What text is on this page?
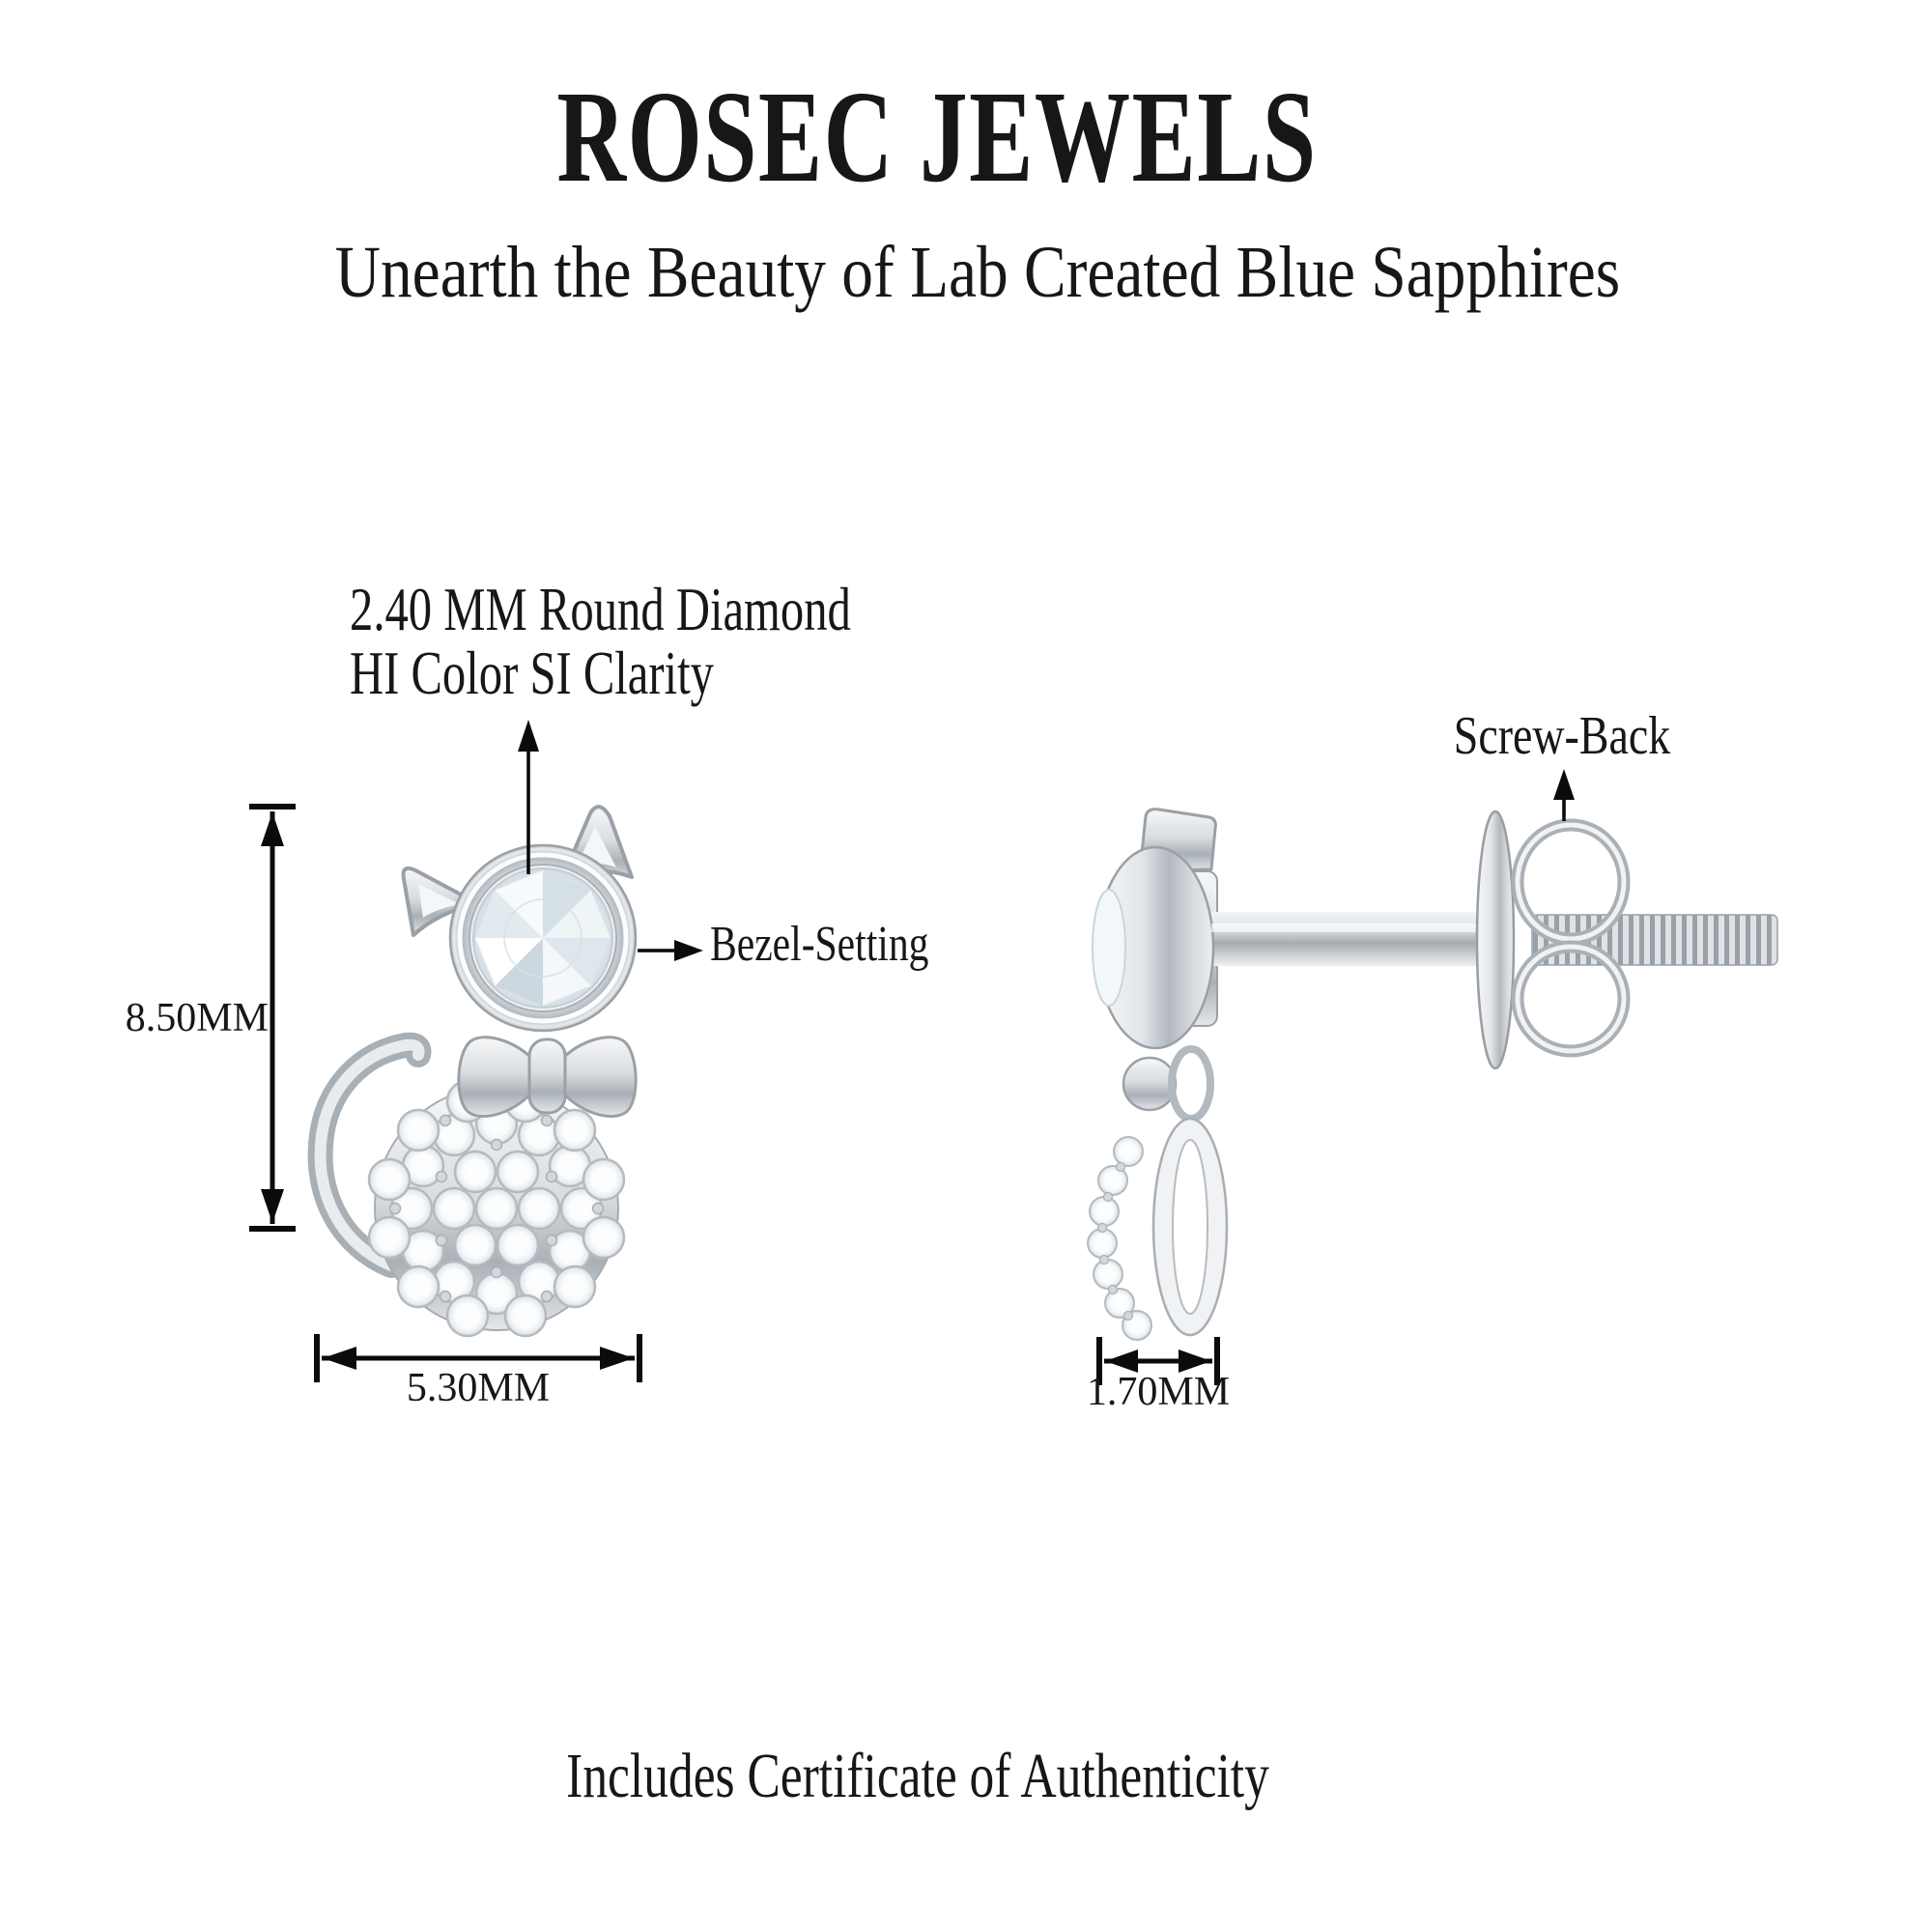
ROSEC JEWELS
Unearth the Beauty of Lab Created Blue Sapphires
2.40 MM Round Diamond
HI Color SI Clarity
Bezel-Setting
Screw-Back
8.50MM
5.30MM	1.70MM
Includes Certificate of Authenticity
